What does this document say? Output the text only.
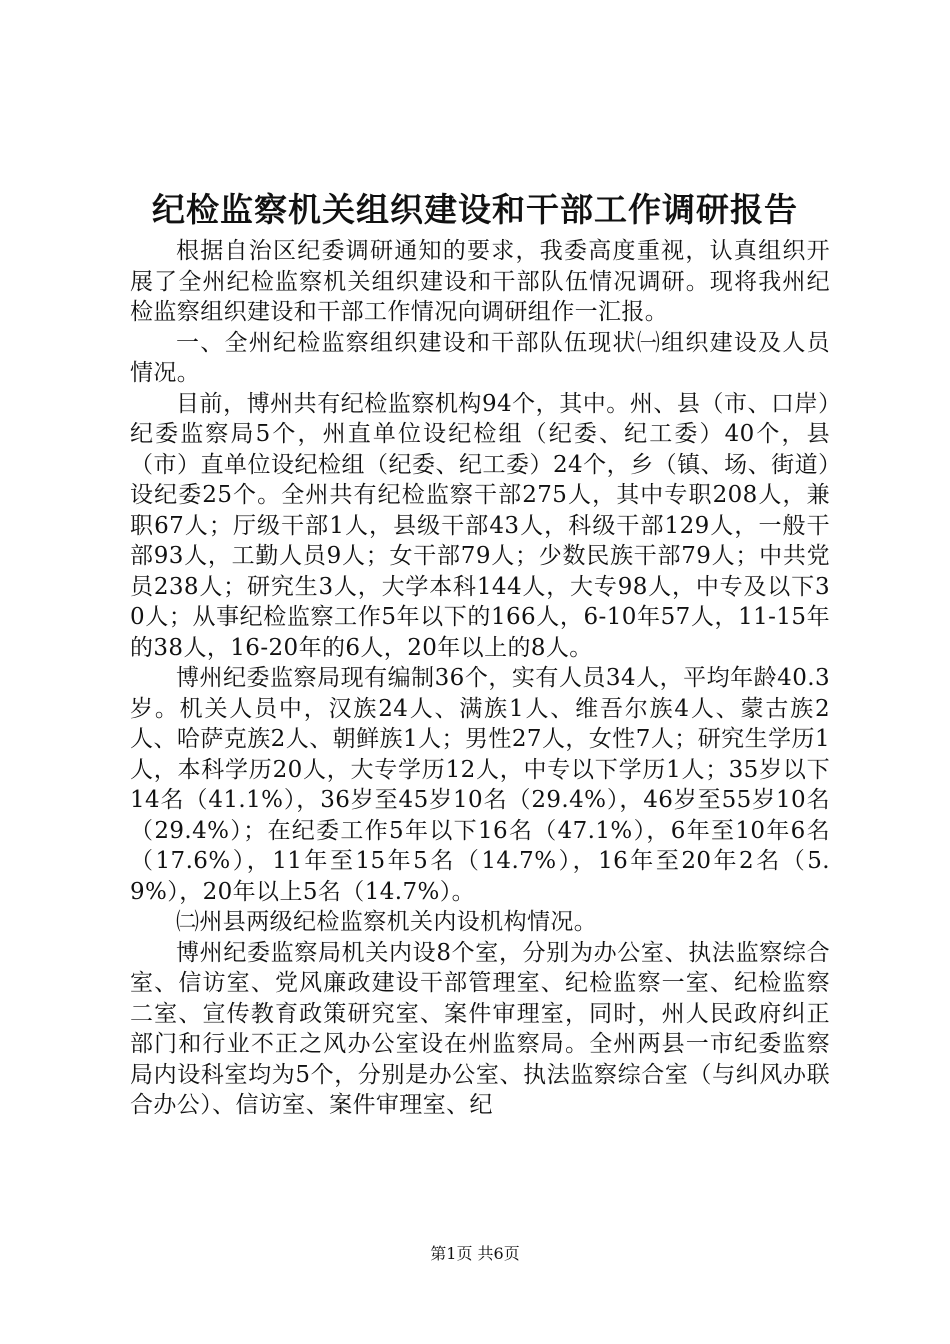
纪检监察机关组织建设和干部工作调研报告

根据自治区纪委调研通知的要求，我委高度重视，认真组织开展了全州纪检监察机关组织建设和干部队伍情况调研。现将我州纪检监察组织建设和干部工作情况向调研组作一汇报。

一、全州纪检监察组织建设和干部队伍现状㈠组织建设及人员情况。

目前，博州共有纪检监察机构94个，其中。州、县（市、口岸）纪委监察局5个，州直单位设纪检组（纪委、纪工委）40个，县（市）直单位设纪检组（纪委、纪工委）24个，乡（镇、场、街道）设纪委25个。全州共有纪检监察干部275人，其中专职208人，兼职67人；厅级干部1人，县级干部43人，科级干部129人，一般干部93人，工勤人员9人；女干部79人；少数民族干部79人；中共党员238人；研究生3人，大学本科144人，大专98人，中专及以下30人；从事纪检监察工作5年以下的166人，6-10年57人，11-15年的38人，16-20年的6人，20年以上的8人。

博州纪委监察局现有编制36个，实有人员34人，平均年龄40.3岁。机关人员中，汉族24人、满族1人、维吾尔族4人、蒙古族2人、哈萨克族2人、朝鲜族1人；男性27人，女性7人；研究生学历1人，本科学历20人，大专学历12人，中专以下学历1人；35岁以下14名（41.1%），36岁至45岁10名（29.4%），46岁至55岁10名（29.4%）；在纪委工作5年以下16名（47.1%），6年至10年6名（17.6%），11年至15年5名（14.7%），16年至20年2名（5.9%），20年以上5名（14.7%）。

㈡州县两级纪检监察机关内设机构情况。

博州纪委监察局机关内设8个室，分别为办公室、执法监察综合室、信访室、党风廉政建设干部管理室、纪检监察一室、纪检监察二室、宣传教育政策研究室、案件审理室，同时，州人民政府纠正部门和行业不正之风办公室设在州监察局。全州两县一市纪委监察局内设科室均为5个，分别是办公室、执法监察综合室（与纠风办联合办公）、信访室、案件审理室、纪

第1页 共6页
